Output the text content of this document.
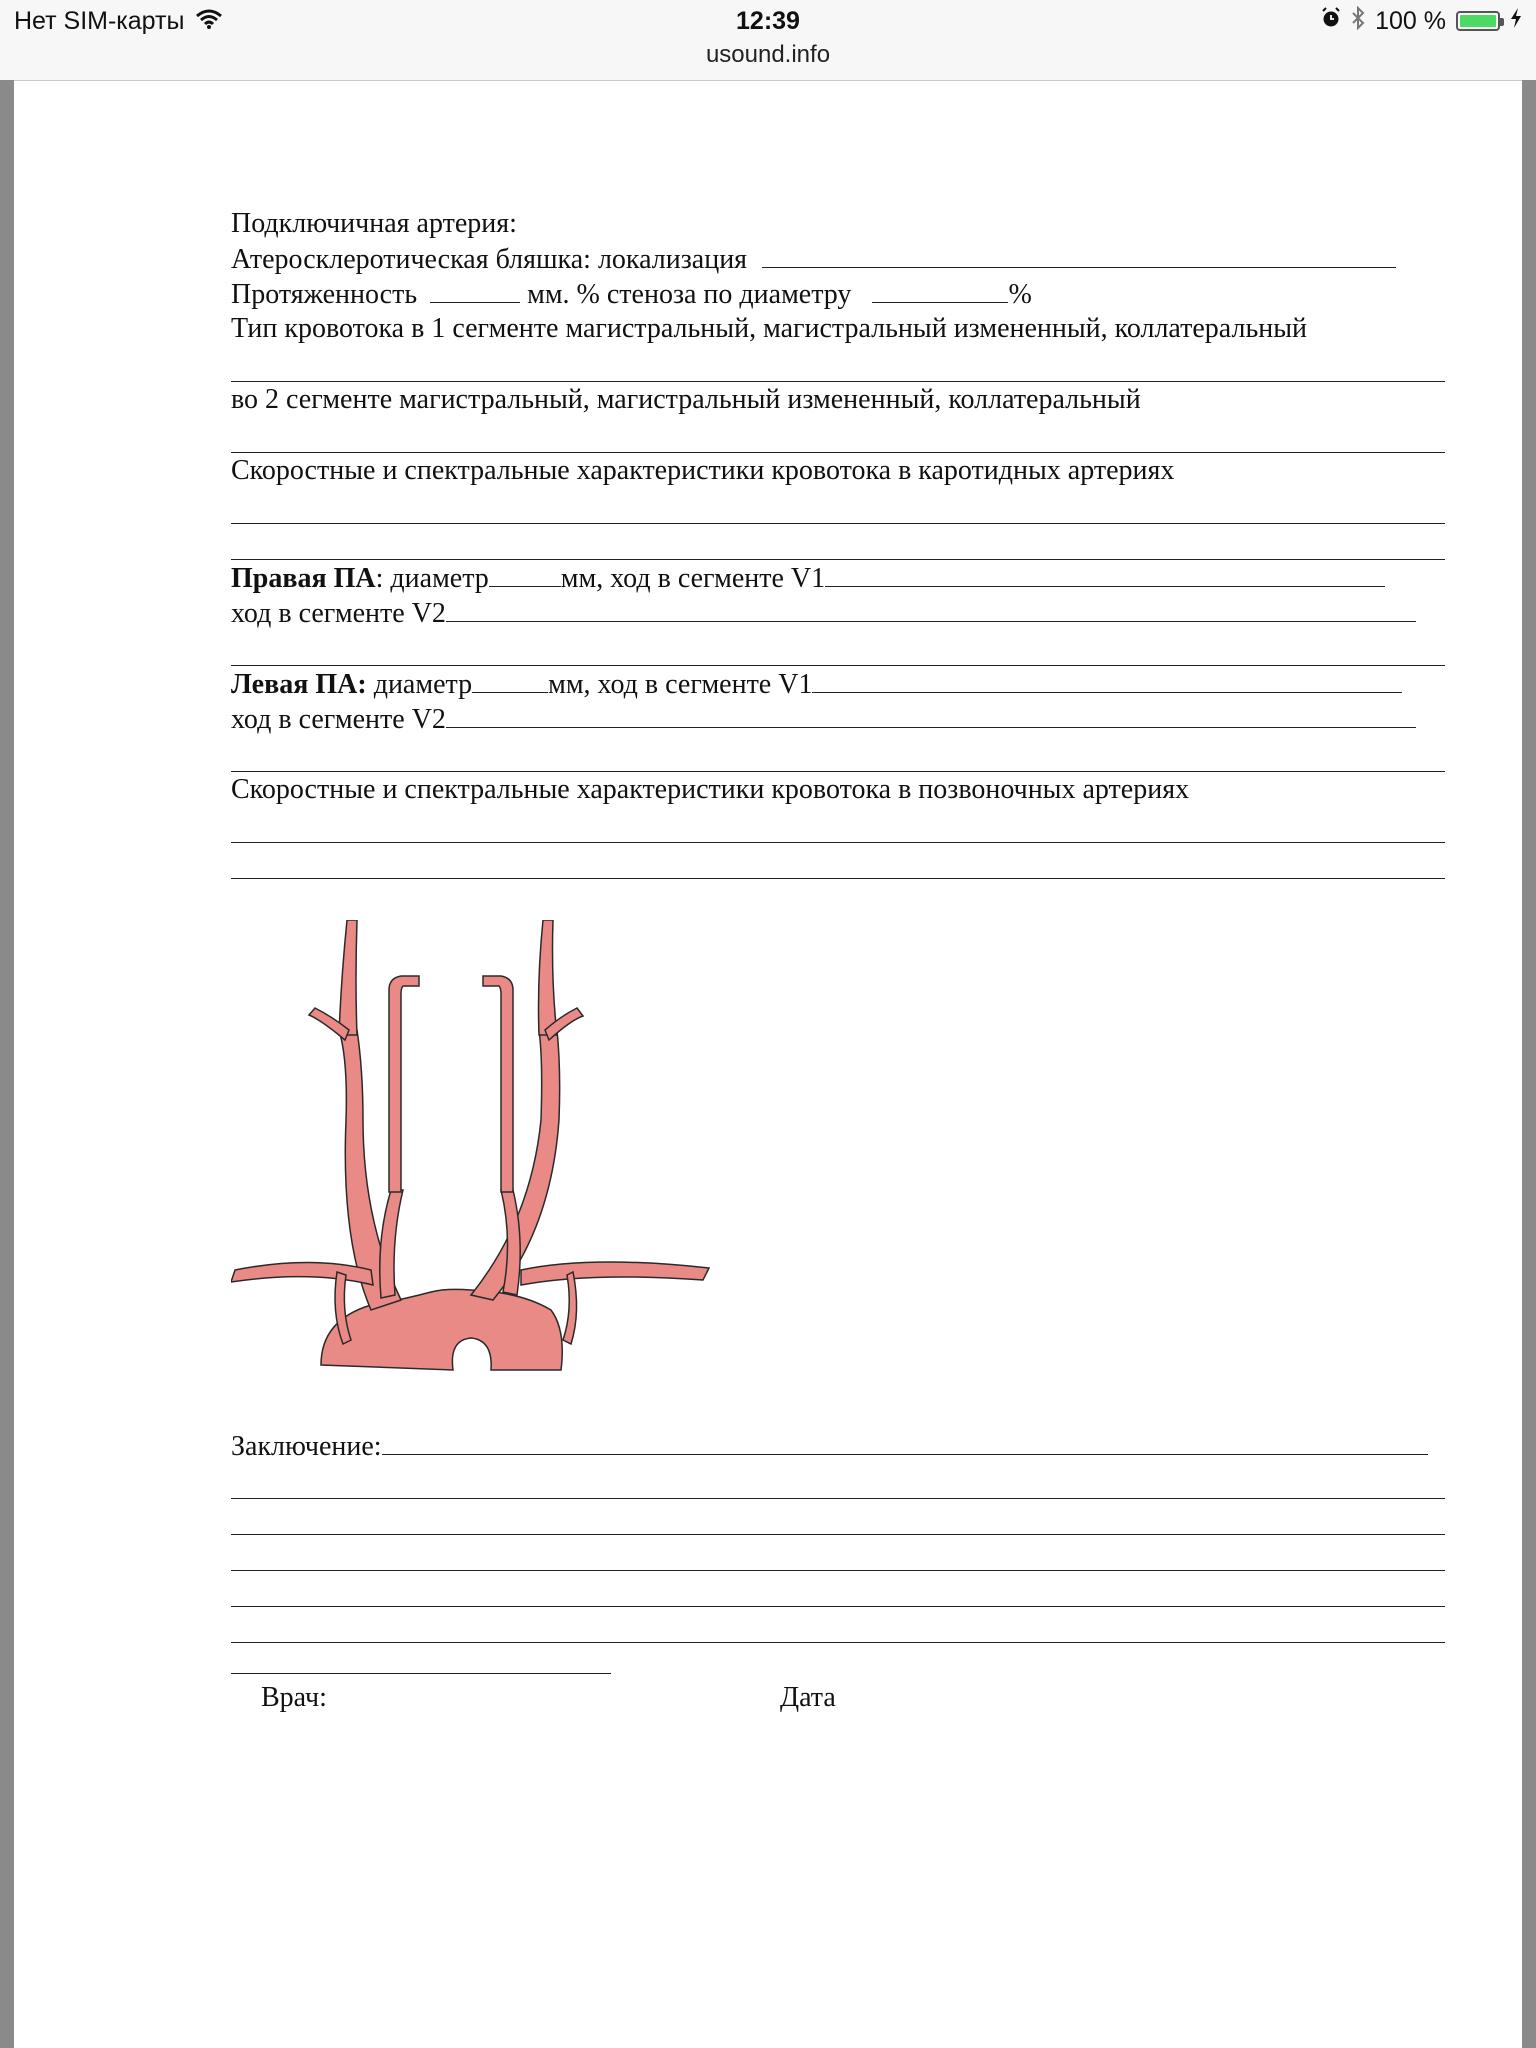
Нет SIM-карты	12:39	100 %
usound.info
Подключичная артерия:
Атеросклеротическая бляшка: локализация
Протяженность	мм. % стеноза по диаметру	%
Тип кровотока в 1 сегменте магистральный, магистральный измененный, коллатеральный
во 2 сегменте магистральный, магистральный измененный, коллатеральный
Скоростные и спектральные характеристики кровотока в каротидных артериях
Правая ПА: диаметр	мм, ход в сегменте V1
ход в сегменте V2
Левая ПА: диаметр	мм, ход в сегменте V1
ход в сегменте V2
Скоростные и спектральные характеристики кровотока в позвоночных артериях
Заключение:
Врач:	Дата
